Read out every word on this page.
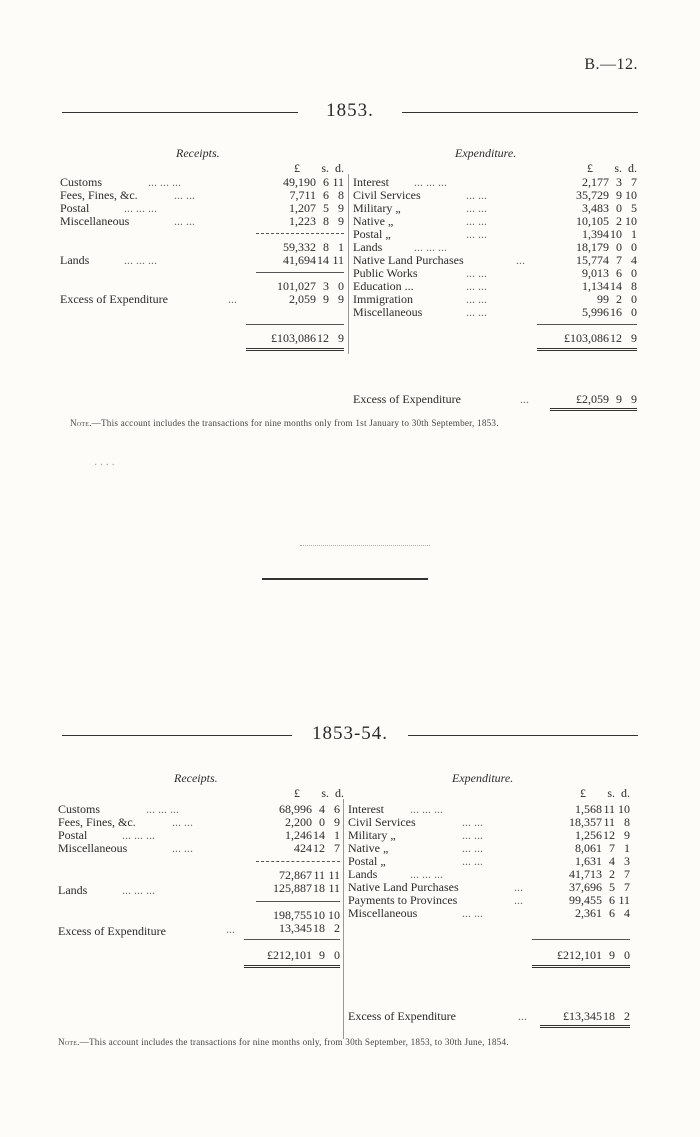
B.—12.
1853.
Receipts.	Expenditure.
£	s. d.	£	s. d.
Customs	... ... ...	49,190 6 11
Fees, Fines, &c.	... ...	7,711 6 8
Postal	... ... ...	1,207 5 9
Miscellaneous	... ...	1,223 8 9
59,332 8 1
Lands	... ... ...	41,694 14 11
101,027 3 0
Excess of Expenditure	...	2,059 9 9
£103,086 12 9
Interest ... ... ...	2,177 3 7
Civil Services	... ...	35,729 9 10
Military „	... ...	3,483 0 5
Native „	... ...	10,105 2 10
Postal „	... ...	1,394 10 1
Lands	... ... ...	18,179 0 0
Native Land Purchases	...	15,774 7 4
Public Works	... ...	9,013 6 0
Education ...	... ...	1,134 14 8
Immigration	... ...	99 2 0
Miscellaneous	... ...	5,996 16 0
£103,086 12 9
Excess of Expenditure	...	£2,059 9 9
Note.—This account includes the transactions for nine months only from 1st January to 30th September, 1853.
· · · ·
1853-54.
Receipts.	Expenditure.
£	s. d.	£	s. d.
Customs	... ... ...	68,996 4 6
Fees, Fines, &c.	... ...	2,200 0 9
Postal	... ... ...	1,246 14 1
Miscellaneous	... ...	424 12 7
72,867 11 11
Lands	... ... ...	125,887 18 11
198,755 10 10
Excess of Expenditure	...	13,345 18 2
£212,101 9 0
Interest ... ... ...	1,568 11 10
Civil Services	... ...	18,357 11 8
Military „	... ...	1,256 12 9
Native „	... ...	8,061 7 1
Postal „	... ...	1,631 4 3
Lands	... ... ...	41,713 2 7
Native Land Purchases	...	37,696 5 7
Payments to Provinces	...	99,455 6 11
Miscellaneous	... ...	2,361 6 4
£212,101 9 0
Excess of Expenditure	...	£13,345 18 2
Note.—This account includes the transactions for nine months only, from 30th September, 1853, to 30th June, 1854.
